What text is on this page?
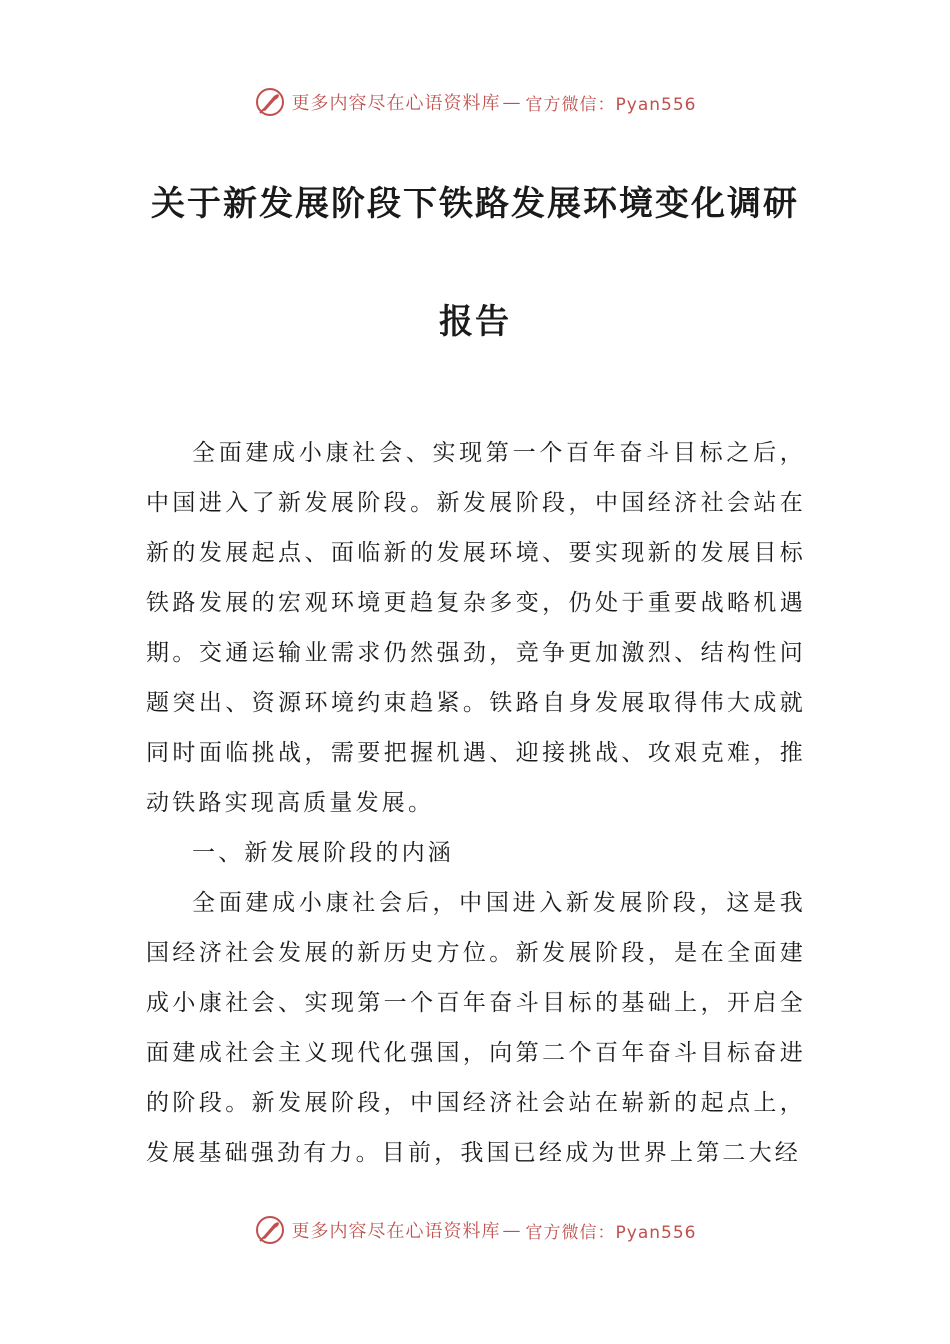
更多内容尽在心语资料库 — 官方微信：Pyan556
关于新发展阶段下铁路发展环境变化调研
报告

全面建成小康社会、实现第一个百年奋斗目标之后，中国进入了新发展阶段。新发展阶段，中国经济社会站在新的发展起点、面临新的发展环境、要实现新的发展目标铁路发展的宏观环境更趋复杂多变，仍处于重要战略机遇期。交通运输业需求仍然强劲，竞争更加激烈、结构性问题突出、资源环境约束趋紧。铁路自身发展取得伟大成就同时面临挑战，需要把握机遇、迎接挑战、攻艰克难，推动铁路实现高质量发展。

一、新发展阶段的内涵

全面建成小康社会后，中国进入新发展阶段，这是我国经济社会发展的新历史方位。新发展阶段，是在全面建成小康社会、实现第一个百年奋斗目标的基础上，开启全面建成社会主义现代化强国，向第二个百年奋斗目标奋进的阶段。新发展阶段，中国经济社会站在崭新的起点上，发展基础强劲有力。目前，我国已经成为世界上第二大经

更多内容尽在心语资料库 — 官方微信：Pyan556
